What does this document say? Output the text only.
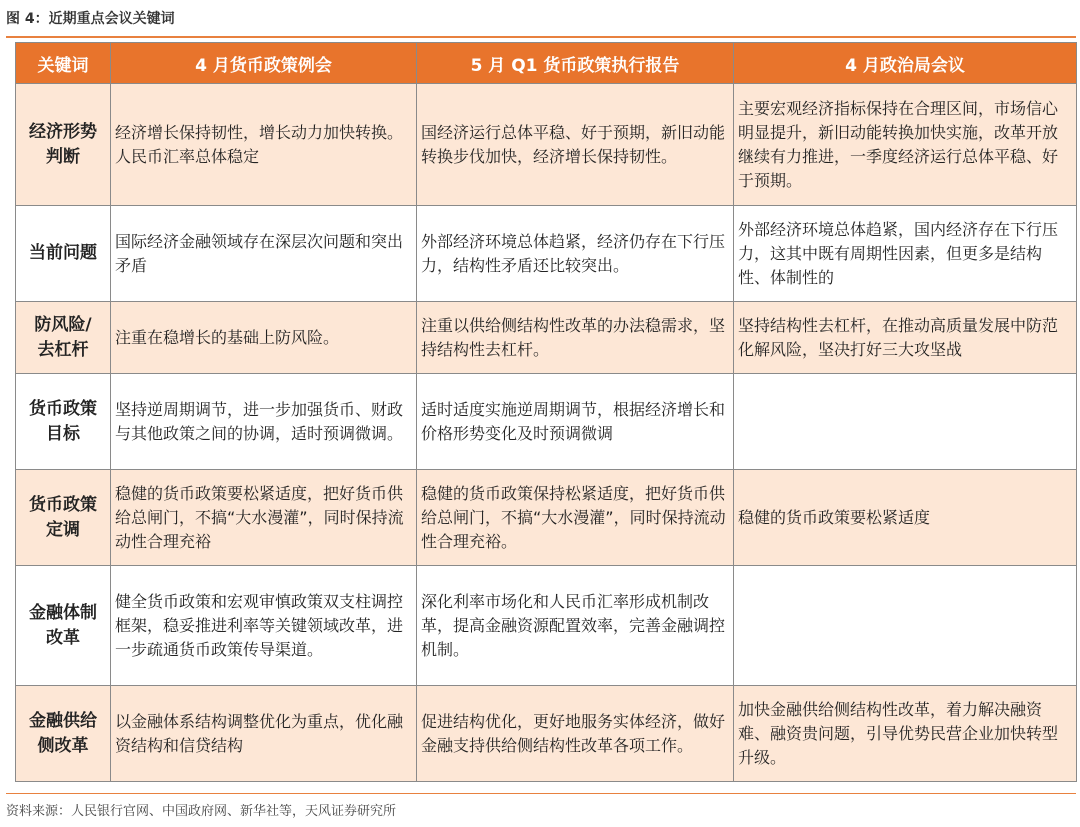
图 4：近期重点会议关键词
关键词	4 月货币政策例会	5 月 Q1 货币政策执行报告	4 月政治局会议
经济形势
判断	经济增长保持韧性，增长动力加快转换。人民币汇率总体稳定	国经济运行总体平稳、好于预期，新旧动能转换步伐加快，经济增长保持韧性。	主要宏观经济指标保持在合理区间，市场信心明显提升，新旧动能转换加快实施，改革开放继续有力推进，一季度经济运行总体平稳、好于预期。
当前问题	国际经济金融领域存在深层次问题和突出矛盾	外部经济环境总体趋紧，经济仍存在下行压力，结构性矛盾还比较突出。	外部经济环境总体趋紧，国内经济存在下行压力，这其中既有周期性因素，但更多是结构性、体制性的
防风险/
去杠杆	注重在稳增长的基础上防风险。	注重以供给侧结构性改革的办法稳需求，坚持结构性去杠杆。	坚持结构性去杠杆，在推动高质量发展中防范化解风险，坚决打好三大攻坚战
货币政策
目标	坚持逆周期调节，进一步加强货币、财政与其他政策之间的协调，适时预调微调。	适时适度实施逆周期调节，根据经济增长和价格形势变化及时预调微调	
货币政策
定调	稳健的货币政策要松紧适度，把好货币供给总闸门，不搞“大水漫灌”，同时保持流动性合理充裕	稳健的货币政策保持松紧适度，把好货币供给总闸门，不搞“大水漫灌”，同时保持流动性合理充裕。	稳健的货币政策要松紧适度
金融体制
改革	健全货币政策和宏观审慎政策双支柱调控框架，稳妥推进利率等关键领域改革，进一步疏通货币政策传导渠道。	深化利率市场化和人民币汇率形成机制改革，提高金融资源配置效率，完善金融调控机制。	
金融供给
侧改革	以金融体系结构调整优化为重点，优化融资结构和信贷结构	促进结构优化，更好地服务实体经济，做好金融支持供给侧结构性改革各项工作。	加快金融供给侧结构性改革，着力解决融资难、融资贵问题，引导优势民营企业加快转型升级。
资料来源：人民银行官网、中国政府网、新华社等，天风证券研究所
